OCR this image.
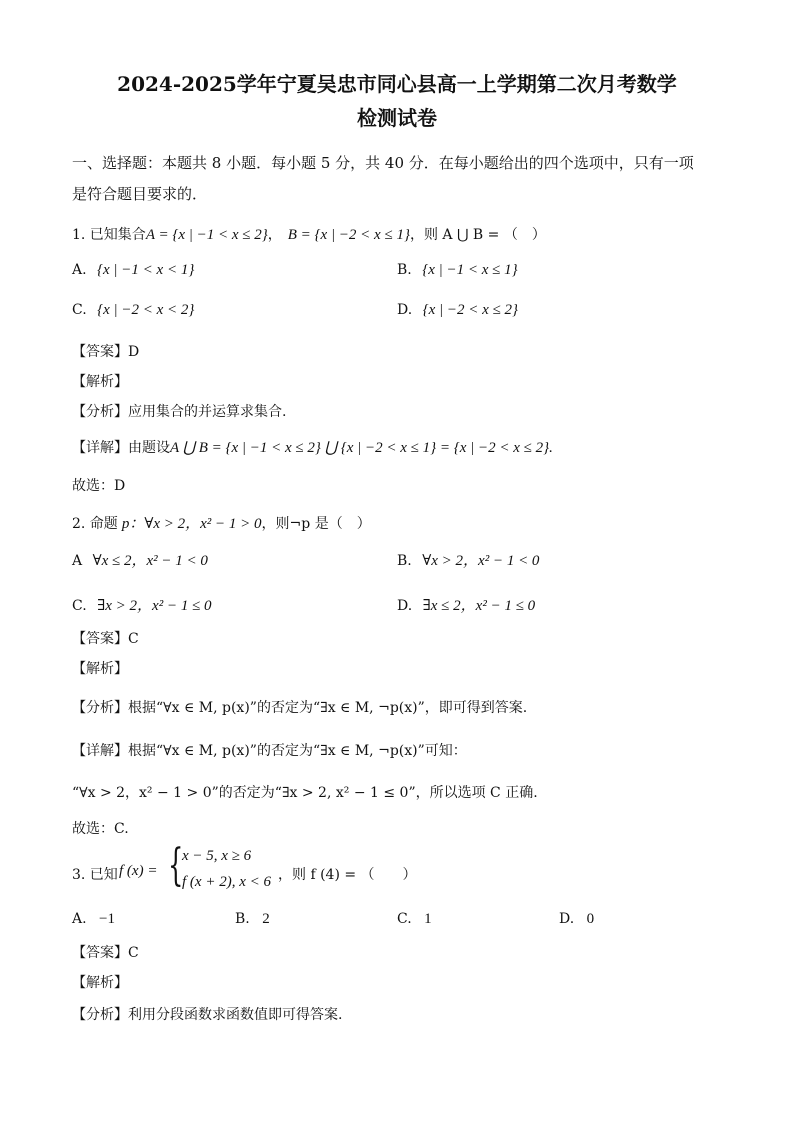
2024-2025学年宁夏吴忠市同心县高一上学期第二次月考数学
检测试卷
一、选择题：本题共 8 小题．每小题 5 分，共 40 分．在每小题给出的四个选项中，只有一项
是符合题目要求的．
1. 已知集合A = {x | −1 < x ≤ 2}， B = {x | −2 < x ≤ 1}，则 A ⋃ B = （　）
A. {x | −1 < x < 1}	B. {x | −1 < x ≤ 1}
C. {x | −2 < x < 2}	D. {x | −2 < x ≤ 2}
【答案】D
【解析】
【分析】应用集合的并运算求集合.
【详解】由题设A ⋃ B = {x | −1 < x ≤ 2} ⋃ {x | −2 < x ≤ 1} = {x | −2 < x ≤ 2}.
故选：D
2. 命题 p：∀x > 2，x² − 1 > 0，则¬p 是（　）
A ∀x ≤ 2，x² − 1 < 0	B. ∀x > 2，x² − 1 < 0
C. ∃x > 2，x² − 1 ≤ 0	D. ∃x ≤ 2，x² − 1 ≤ 0
【答案】C
【解析】
【分析】根据“∀x ∈ M, p(x)”的否定为“∃x ∈ M, ¬p(x)”，即可得到答案.
【详解】根据“∀x ∈ M, p(x)”的否定为“∃x ∈ M, ¬p(x)”可知：
“∀x > 2，x² − 1 > 0”的否定为“∃x > 2, x² − 1 ≤ 0”，所以选项 C 正确.
故选：C.
3. 已知 f (x) = {
x − 5, x ≥ 6
f (x + 2), x < 6 ，则 f (4) = （　　）
A. −1	B. 2	C. 1	D. 0
【答案】C
【解析】
【分析】利用分段函数求函数值即可得答案.
